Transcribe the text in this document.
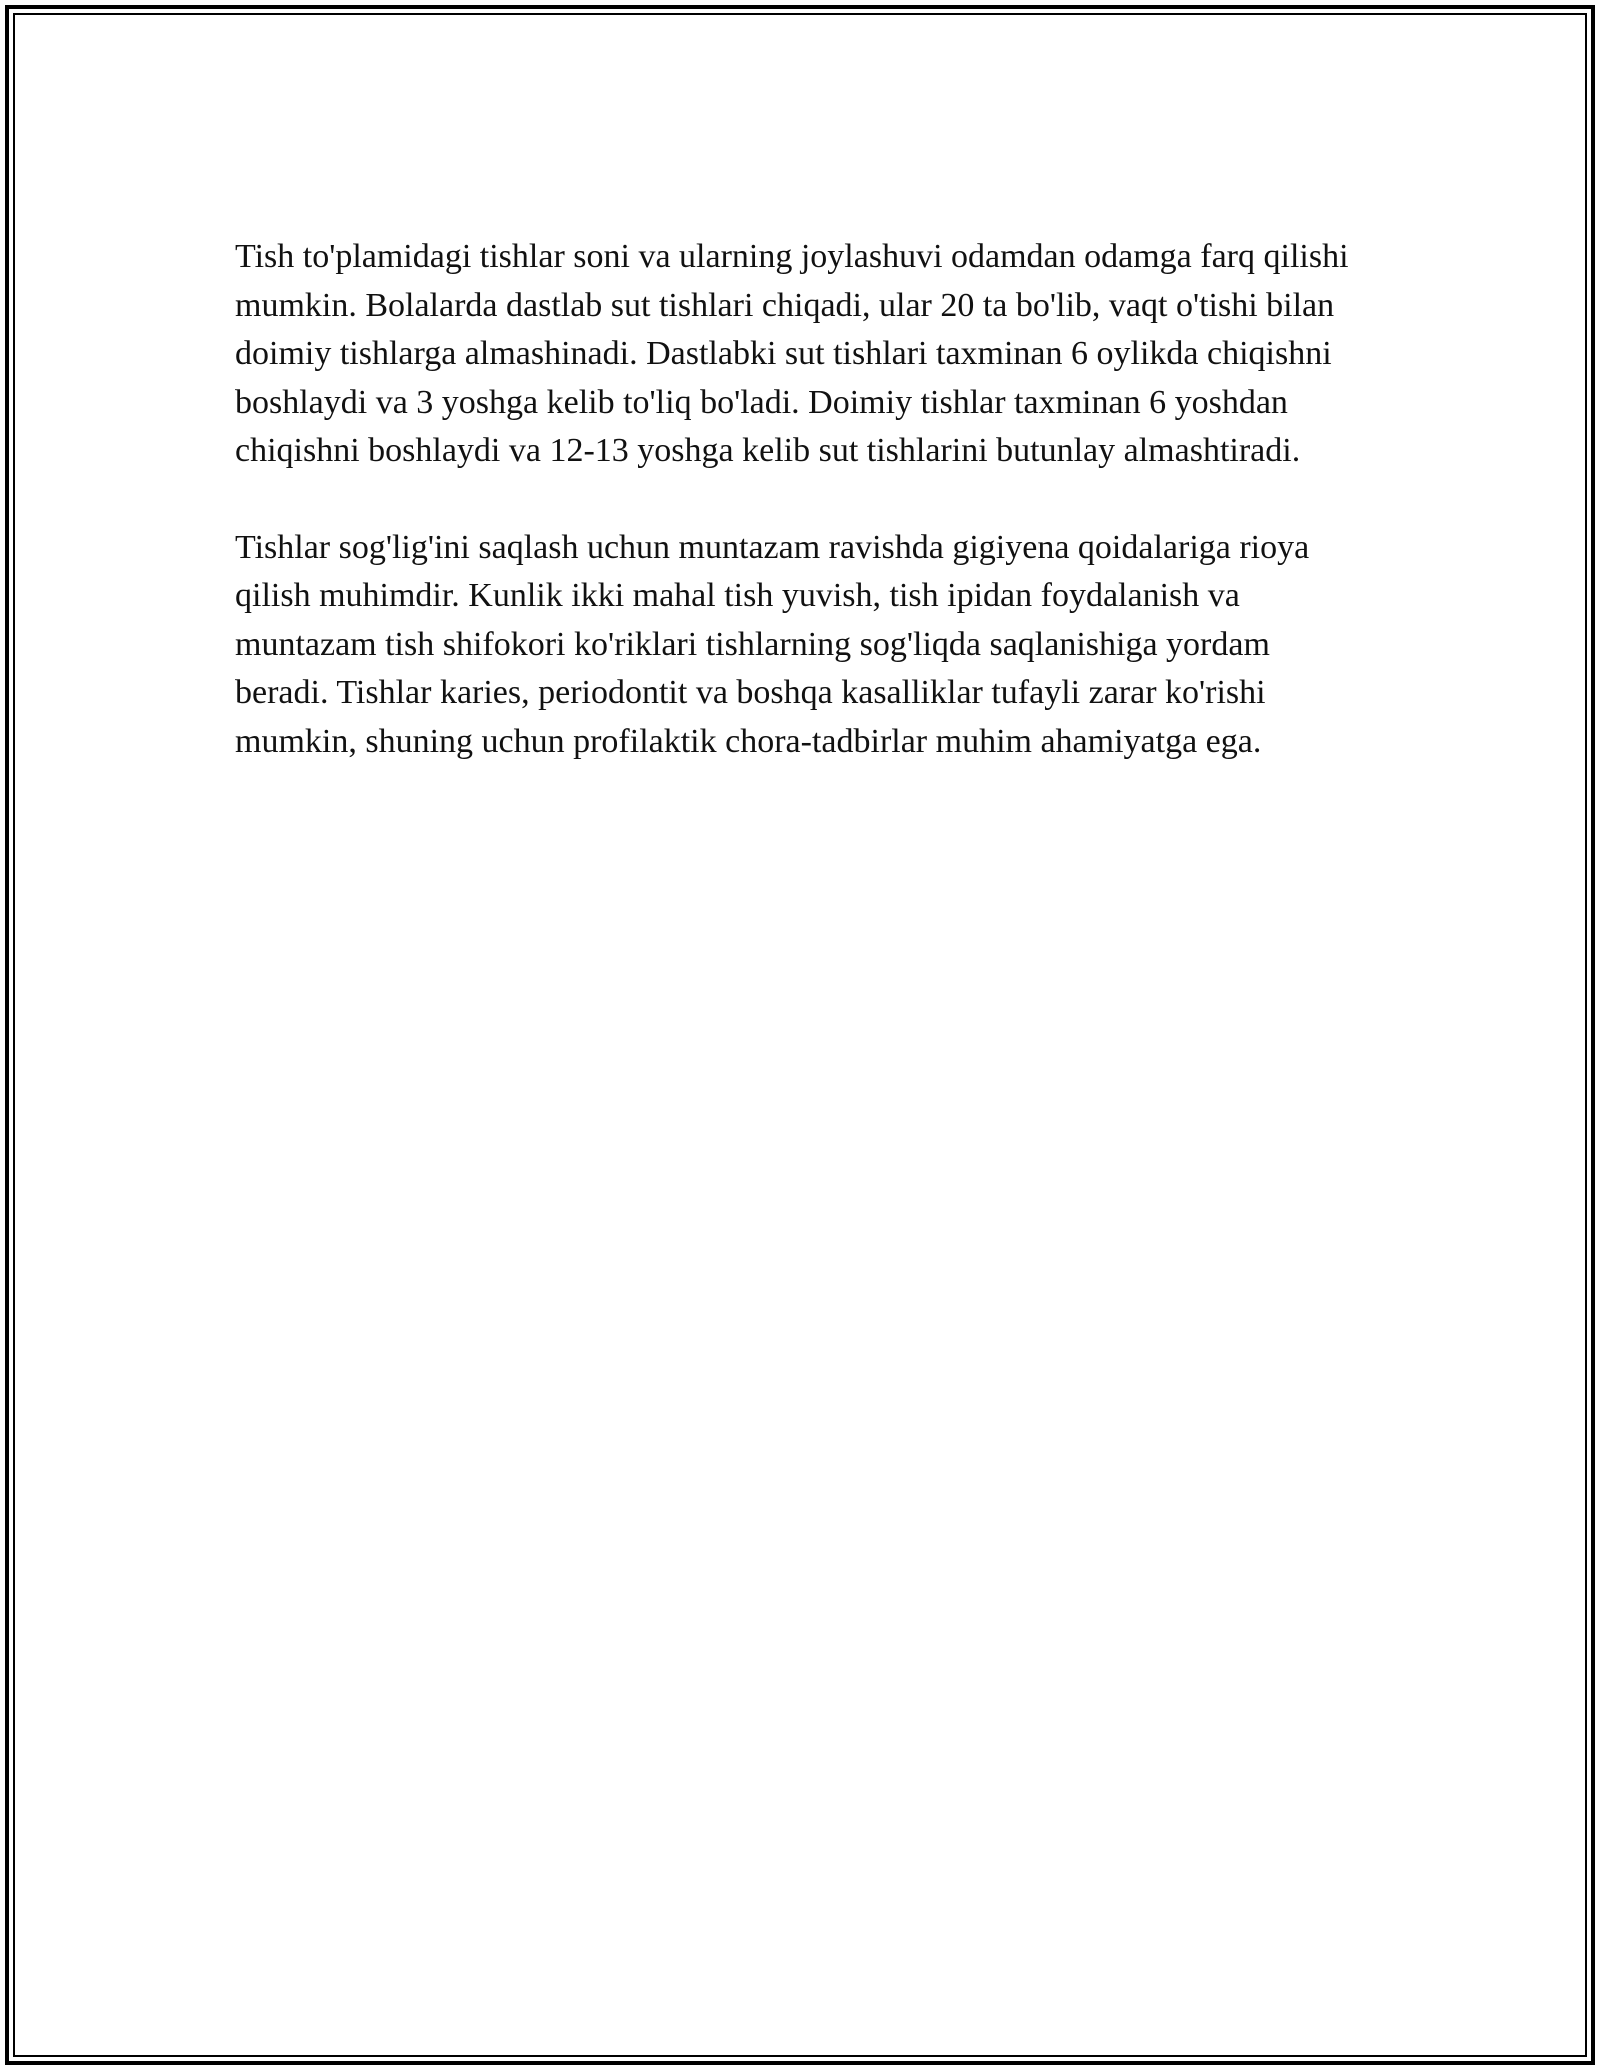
Tish to'plamidagi tishlar soni va ularning joylashuvi odamdan odamga farq qilishi mumkin. Bolalarda dastlab sut tishlari chiqadi, ular 20 ta bo'lib, vaqt o'tishi bilan doimiy tishlarga almashinadi. Dastlabki sut tishlari taxminan 6 oylikda chiqishni boshlaydi va 3 yoshga kelib to'liq bo'ladi. Doimiy tishlar taxminan 6 yoshdan chiqishni boshlaydi va 12-13 yoshga kelib sut tishlarini butunlay almashtiradi.

Tishlar sog'lig'ini saqlash uchun muntazam ravishda gigiyena qoidalariga rioya qilish muhimdir. Kunlik ikki mahal tish yuvish, tish ipidan foydalanish va muntazam tish shifokori ko'riklari tishlarning sog'liqda saqlanishiga yordam beradi. Tishlar karies, periodontit va boshqa kasalliklar tufayli zarar ko'rishi mumkin, shuning uchun profilaktik chora-tadbirlar muhim ahamiyatga ega.
